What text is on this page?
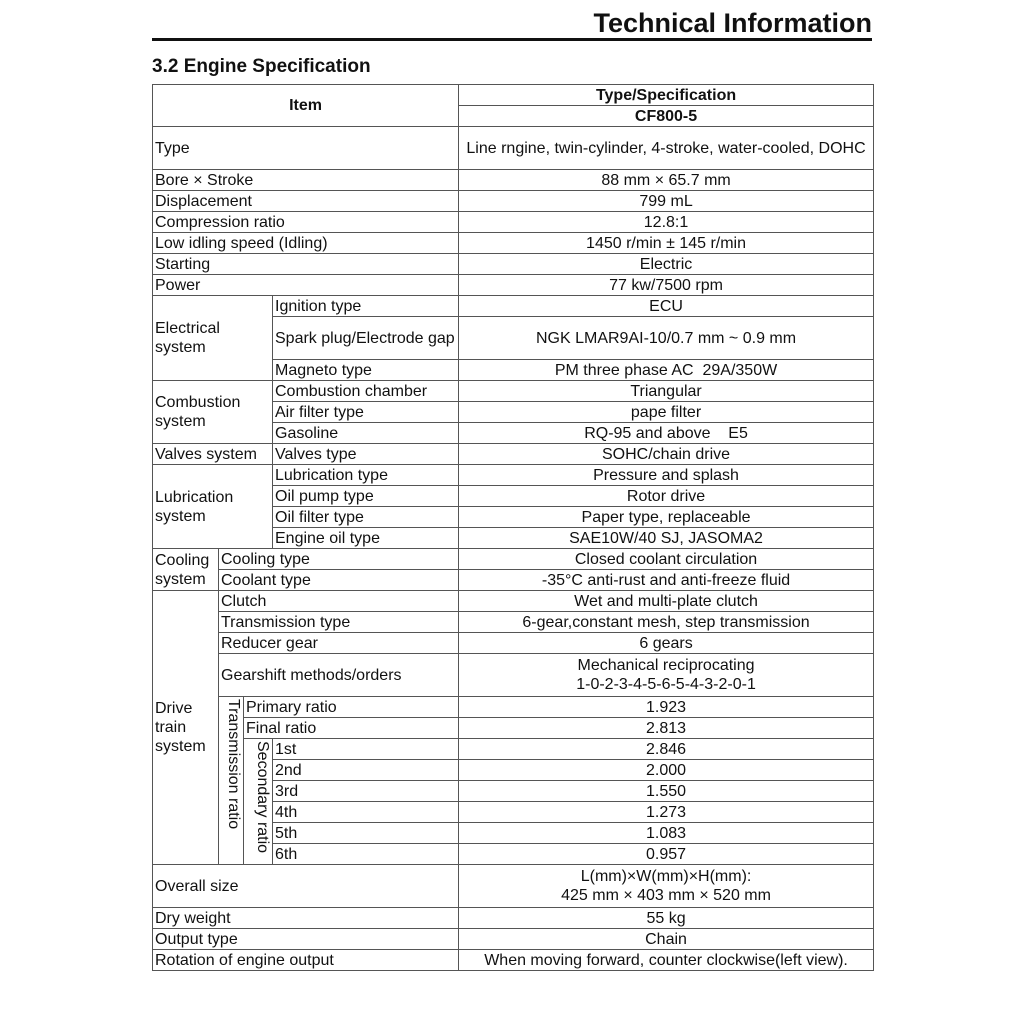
Technical Information
3.2 Engine Specification
Item				Type/Specification
				CF800-5
Type				Line rngine, twin-cylinder, 4-stroke, water-cooled, DOHC
Bore × Stroke				88 mm × 65.7 mm
Displacement				799 mL
Compression ratio				12.8:1
Low idling speed (Idling)				1450 r/min ± 145 r/min
Starting				Electric
Power				77 kw/7500 rpm
Electrical system			Ignition type	ECU
			Spark plug/Electrode gap	NGK LMAR9AI-10/0.7 mm ~ 0.9 mm
			Magneto type	PM three phase AC  29A/350W
Combustion system			Combustion chamber	Triangular
			Air filter type	pape filter
			Gasoline	RQ-95 and above    E5
Valves system			Valves type	SOHC/chain drive
Lubrication system			Lubrication type	Pressure and splash
			Oil pump type	Rotor drive
			Oil filter type	Paper type, replaceable
			Engine oil type	SAE10W/40 SJ, JASOMA2
Cooling system	Cooling type			Closed coolant circulation
	Coolant type			-35°C anti-rust and anti-freeze fluid
Drive train system	Clutch			Wet and multi-plate clutch
	Transmission type			6-gear,constant mesh, step transmission
	Reducer gear			6 gears
	Gearshift methods/orders			Mechanical reciprocating
1-0-2-3-4-5-6-5-4-3-2-0-1

	Transmission ratio	Primary ratio		1.923
		Final ratio		2.813
		Secondary ratio	1st	2.846
			2nd	2.000
			3rd	1.550
			4th	1.273
			5th	1.083
			6th	0.957
Overall size				L(mm)×W(mm)×H(mm):
425 mm × 403 mm × 520 mm

Dry weight				55 kg
Output type				Chain
Rotation of engine output				When moving forward, counter clockwise(left view).
